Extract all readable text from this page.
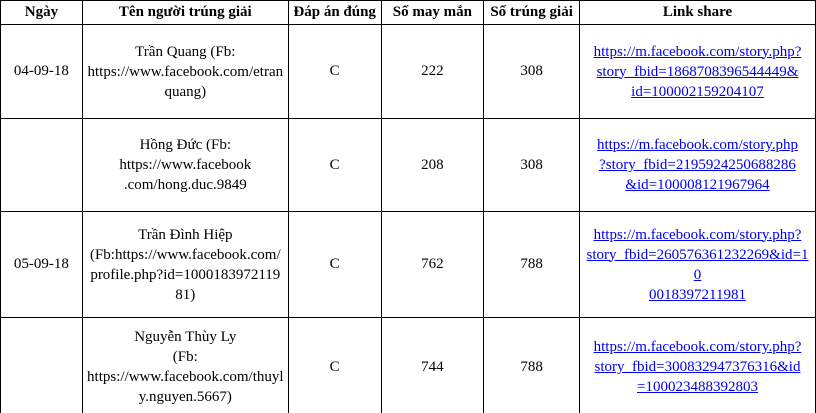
Ngày	Tên người trúng giải	Đáp án đúng	Số may mắn	Số trúng giải	Link share
04-09-18	Trần Quang (Fb:
https://www.facebook.com/etran
quang)	C	222	308	https://m.facebook.com/story.php?
story_fbid=1868708396544449&
id=100002159204107

	Hồng Đức (Fb:
https://www.facebook
.com/hong.duc.9849	C	208	308	https://m.facebook.com/story.php
?story_fbid=2195924250688286
&id=100008121967964

05-09-18	Trần Đình Hiệp
(Fb:https://www.facebook.com/
profile.php?id=1000183972119
81)	C	762	788	https://m.facebook.com/story.php?
story_fbid=260576361232269&id=1
0
0018397211981

	Nguyễn Thùy Ly
(Fb:
https://www.facebook.com/thuyl
y.nguyen.5667)	C	744	788	https://m.facebook.com/story.php?
story_fbid=300832947376316&id
=100023488392803
